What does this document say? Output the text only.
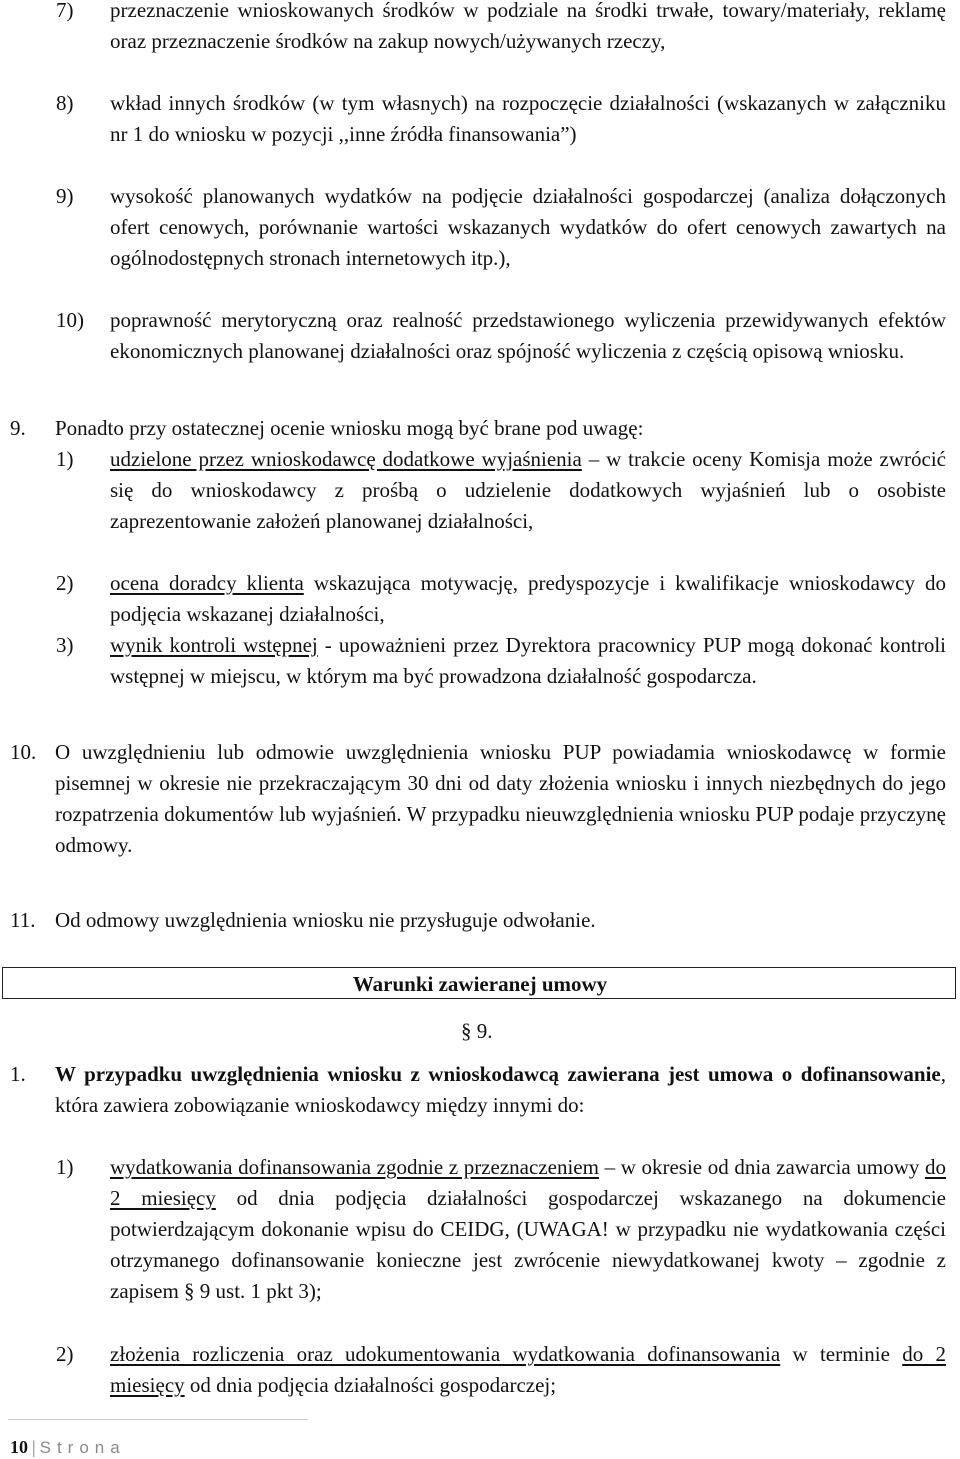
7) przeznaczenie wnioskowanych środków w podziale na środki trwałe, towary/materiały, reklamę oraz przeznaczenie środków na zakup nowych/używanych rzeczy,
8) wkład innych środków (w tym własnych) na rozpoczęcie działalności (wskazanych w załączniku nr 1 do wniosku w pozycji ,,inne źródła finansowania”)
9) wysokość planowanych wydatków na podjęcie działalności gospodarczej (analiza dołączonych ofert cenowych, porównanie wartości wskazanych wydatków do ofert cenowych zawartych na ogólnodostępnych stronach internetowych itp.),
10) poprawność merytoryczną oraz realność przedstawionego wyliczenia przewidywanych efektów ekonomicznych planowanej działalności oraz spójność wyliczenia z częścią opisową wniosku.
9. Ponadto przy ostatecznej ocenie wniosku mogą być brane pod uwagę:
1) udzielone przez wnioskodawcę dodatkowe wyjaśnienia – w trakcie oceny Komisja może zwrócić się do wnioskodawcy z prośbą o udzielenie dodatkowych wyjaśnień lub o osobiste zaprezentowanie założeń planowanej działalności,
2) ocena doradcy klienta wskazująca motywację, predyspozycje i kwalifikacje wnioskodawcy do podjęcia wskazanej działalności,
3) wynik kontroli wstępnej - upoważnieni przez Dyrektora pracownicy PUP mogą dokonać kontroli wstępnej w miejscu, w którym ma być prowadzona działalność gospodarcza.
10. O uwzględnieniu lub odmowie uwzględnienia wniosku PUP powiadamia wnioskodawcę w formie pisemnej w okresie nie przekraczającym 30 dni od daty złożenia wniosku i innych niezbędnych do jego rozpatrzenia dokumentów lub wyjaśnień. W przypadku nieuwzględnienia wniosku PUP podaje przyczynę odmowy.
11. Od odmowy uwzględnienia wniosku nie przysługuje odwołanie.
Warunki zawieranej umowy
§ 9.
1. W przypadku uwzględnienia wniosku z wnioskodawcą zawierana jest umowa o dofinansowanie, która zawiera zobowiązanie wnioskodawcy między innymi do:
1) wydatkowania dofinansowania zgodnie z przeznaczeniem – w okresie od dnia zawarcia umowy do 2 miesięcy od dnia podjęcia działalności gospodarczej wskazanego na dokumencie potwierdzającym dokonanie wpisu do CEIDG, (UWAGA! w przypadku nie wydatkowania części otrzymanego dofinansowanie konieczne jest zwrócenie niewydatkowanej kwoty – zgodnie z zapisem § 9 ust. 1 pkt 3);
2) złożenia rozliczenia oraz udokumentowania wydatkowania dofinansowania w terminie do 2 miesięcy od dnia podjęcia działalności gospodarczej;
10 | Strona
